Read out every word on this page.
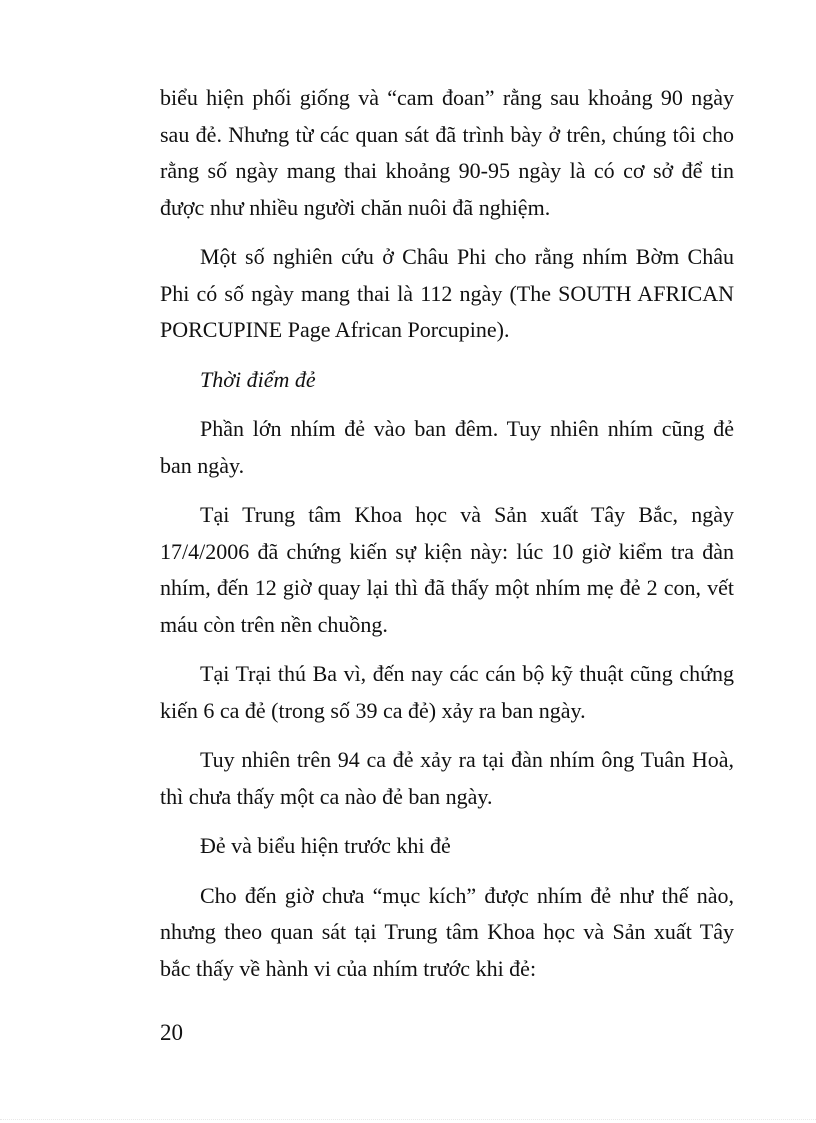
biểu hiện phối giống và “cam đoan” rằng sau khoảng 90 ngày sau đẻ. Nhưng từ các quan sát đã trình bày ở trên, chúng tôi cho rằng số ngày mang thai khoảng 90-95 ngày là có cơ sở để tin được như nhiều người chăn nuôi đã nghiệm.

Một số nghiên cứu ở Châu Phi cho rằng nhím Bờm Châu Phi có số ngày mang thai là 112 ngày (The SOUTH AFRICAN PORCUPINE Page African Porcupine).

Thời điểm đẻ

Phần lớn nhím đẻ vào ban đêm. Tuy nhiên nhím cũng đẻ ban ngày.

Tại Trung tâm Khoa học và Sản xuất Tây Bắc, ngày 17/4/2006 đã chứng kiến sự kiện này: lúc 10 giờ kiểm tra đàn nhím, đến 12 giờ quay lại thì đã thấy một nhím mẹ đẻ 2 con, vết máu còn trên nền chuồng.

Tại Trại thú Ba vì, đến nay các cán bộ kỹ thuật cũng chứng kiến 6 ca đẻ (trong số 39 ca đẻ) xảy ra ban ngày.

Tuy nhiên trên 94 ca đẻ xảy ra tại đàn nhím ông Tuân Hoà, thì chưa thấy một ca nào đẻ ban ngày.

Đẻ và biểu hiện trước khi đẻ

Cho đến giờ chưa “mục kích” được nhím đẻ như thế nào, nhưng theo quan sát tại Trung tâm Khoa học và Sản xuất Tây bắc thấy về hành vi của nhím trước khi đẻ:

20
